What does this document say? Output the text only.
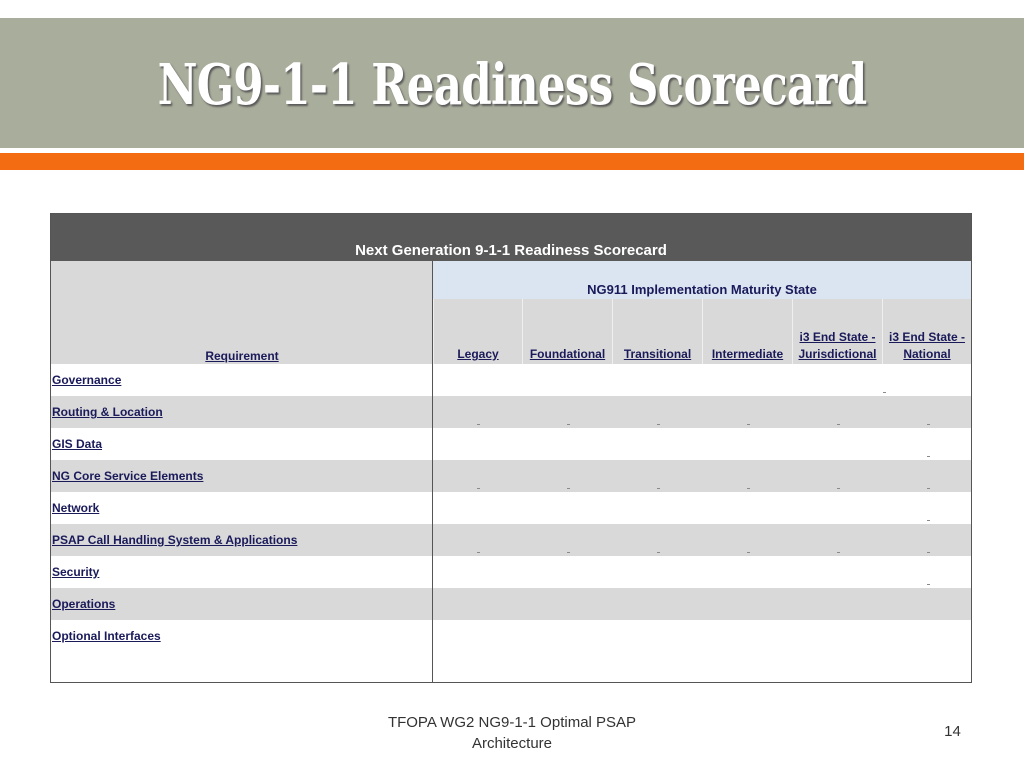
NG9-1-1 Readiness Scorecard
Next Generation 9-1-1 Readiness Scorecard
Requirement
NG911 Implementation Maturity State
Legacy	Foundational Transitional Intermediate
i3 End State -
Jurisdictional
i3 End State -
National
Governance
Routing & Location
GIS Data
NG Core Service Elements
Network
PSAP Call Handling System & Applications
Security
Operations
Optional Interfaces
TFOPA WG2 NG9-1-1 Optimal PSAP
Architecture
14
